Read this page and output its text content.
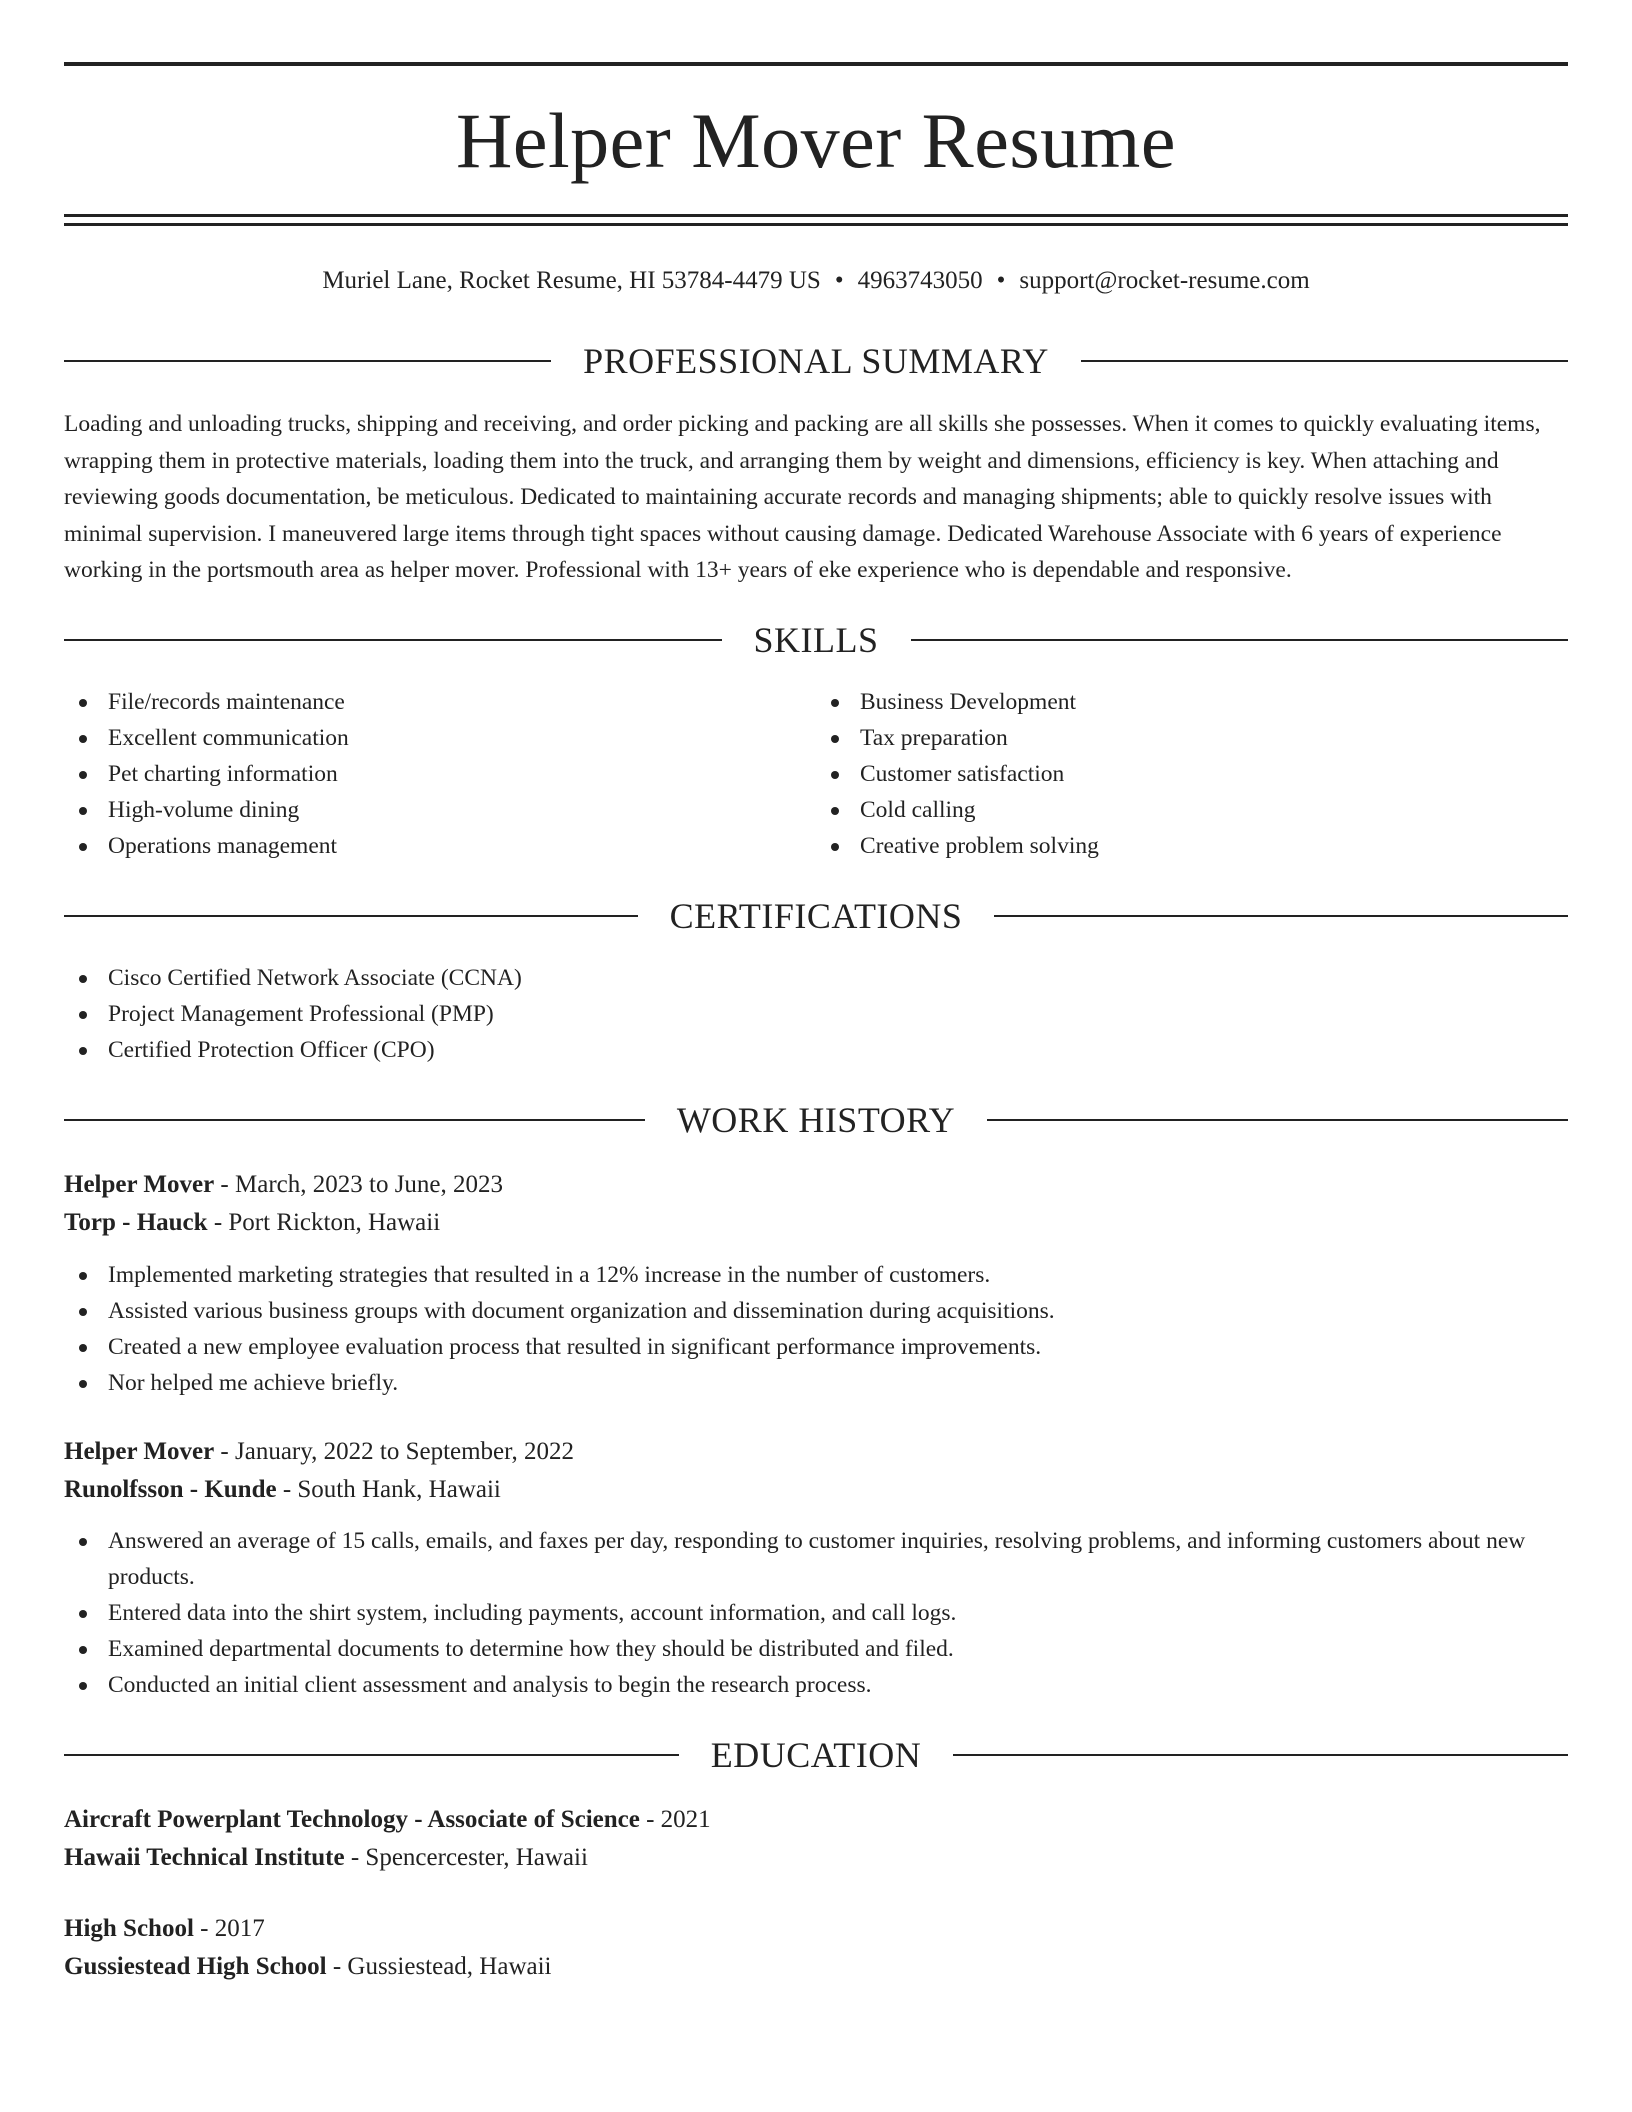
Helper Mover Resume
Muriel Lane, Rocket Resume, HI 53784-4479 US • 4963743050 • support@rocket-resume.com
PROFESSIONAL SUMMARY

Loading and unloading trucks, shipping and receiving, and order picking and packing are all skills she possesses. When it comes to quickly evaluating items, wrapping them in protective materials, loading them into the truck, and arranging them by weight and dimensions, efficiency is key. When attaching and reviewing goods documentation, be meticulous. Dedicated to maintaining accurate records and managing shipments; able to quickly resolve issues with minimal supervision. I maneuvered large items through tight spaces without causing damage. Dedicated Warehouse Associate with 6 years of experience working in the portsmouth area as helper mover. Professional with 13+ years of eke experience who is dependable and responsive.

SKILLS
File/records maintenance
Excellent communication
Pet charting information
High-volume dining
Operations management
Business Development
Tax preparation
Customer satisfaction
Cold calling
Creative problem solving
CERTIFICATIONS
Cisco Certified Network Associate (CCNA)
Project Management Professional (PMP)
Certified Protection Officer (CPO)
WORK HISTORY
Helper Mover - March, 2023 to June, 2023
Torp - Hauck - Port Rickton, Hawaii
Implemented marketing strategies that resulted in a 12% increase in the number of customers.
Assisted various business groups with document organization and dissemination during acquisitions.
Created a new employee evaluation process that resulted in significant performance improvements.
Nor helped me achieve briefly.
Helper Mover - January, 2022 to September, 2022
Runolfsson - Kunde - South Hank, Hawaii
Answered an average of 15 calls, emails, and faxes per day, responding to customer inquiries, resolving problems, and informing customers about new products.
Entered data into the shirt system, including payments, account information, and call logs.
Examined departmental documents to determine how they should be distributed and filed.
Conducted an initial client assessment and analysis to begin the research process.
EDUCATION
Aircraft Powerplant Technology - Associate of Science - 2021
Hawaii Technical Institute - Spencercester, Hawaii
High School - 2017
Gussiestead High School - Gussiestead, Hawaii
